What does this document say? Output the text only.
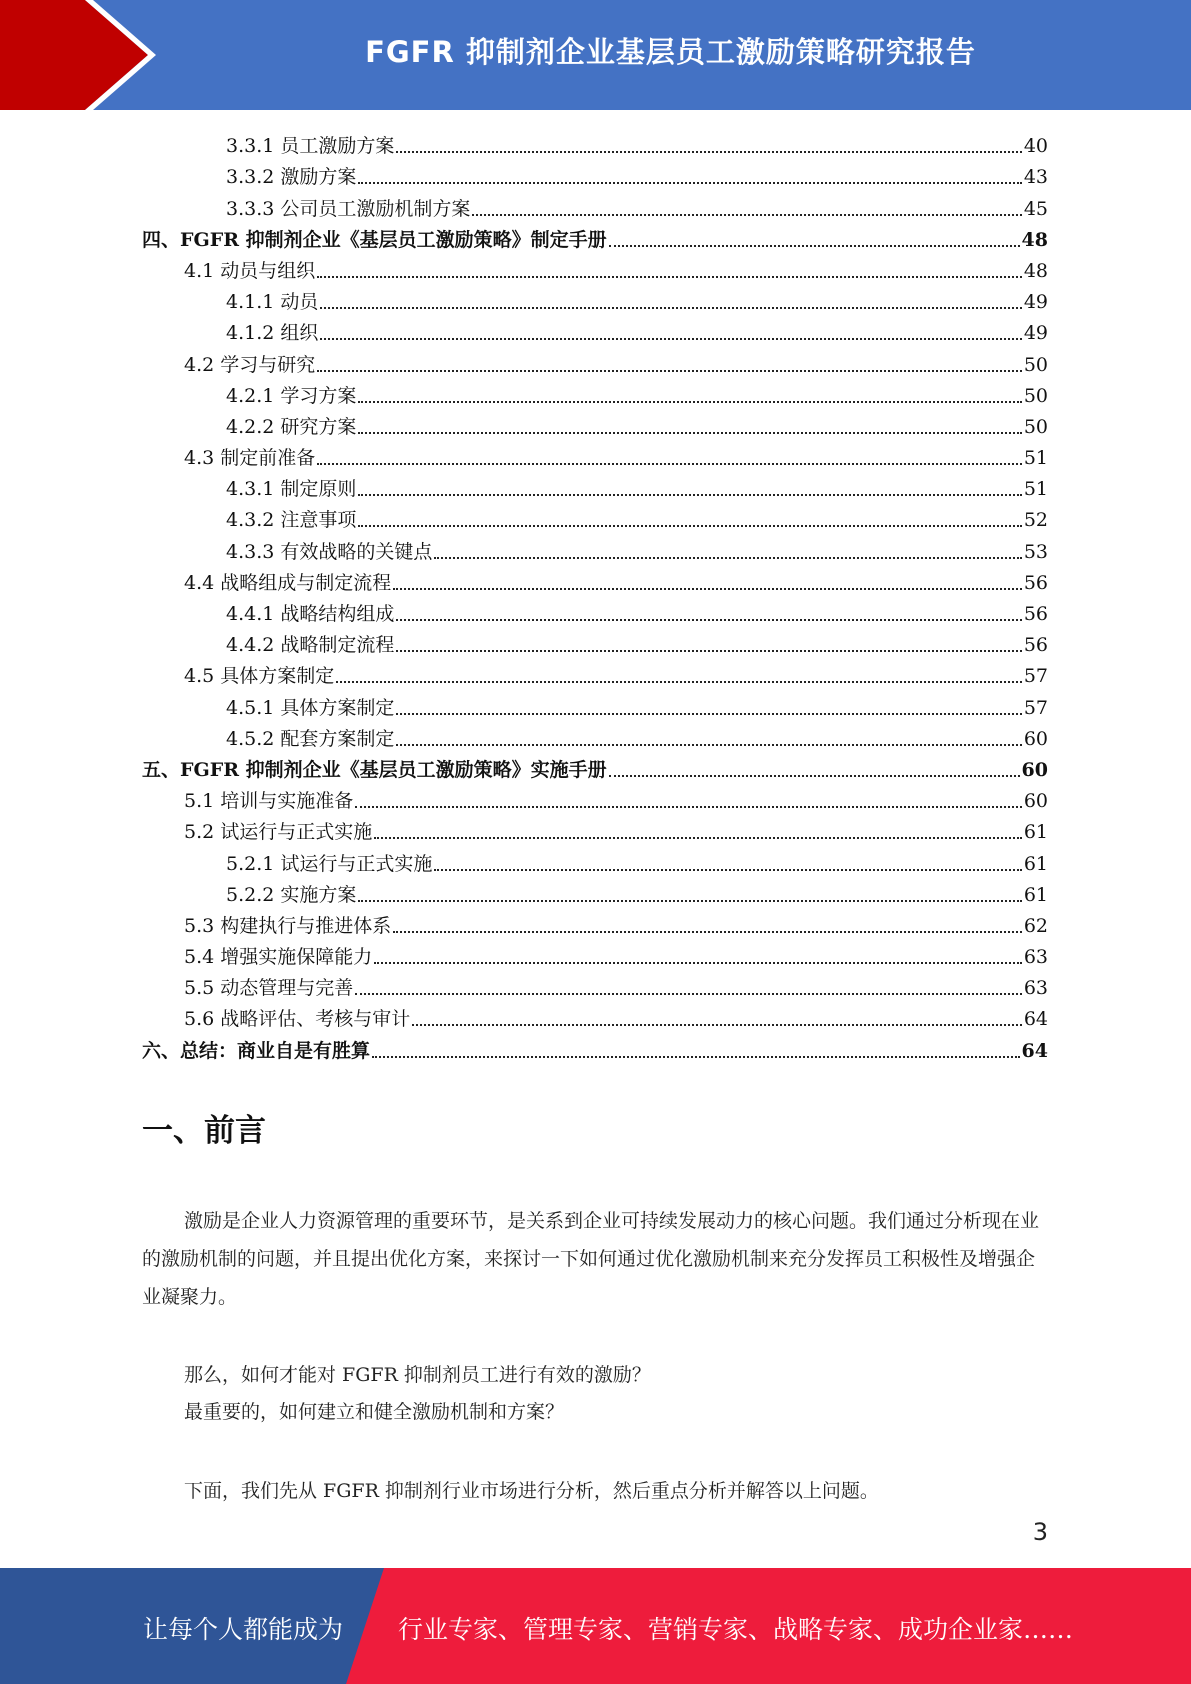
FGFR 抑制剂企业基层员工激励策略研究报告
3.3.1 员工激励方案	40
3.3.2 激励方案	43
3.3.3 公司员工激励机制方案	45
四、FGFR 抑制剂企业《基层员工激励策略》制定手册	48
4.1 动员与组织	48
4.1.1 动员	49
4.1.2 组织	49
4.2 学习与研究	50
4.2.1 学习方案	50
4.2.2 研究方案	50
4.3 制定前准备	51
4.3.1 制定原则	51
4.3.2 注意事项	52
4.3.3 有效战略的关键点	53
4.4 战略组成与制定流程	56
4.4.1 战略结构组成	56
4.4.2 战略制定流程	56
4.5 具体方案制定	57
4.5.1 具体方案制定	57
4.5.2 配套方案制定	60
五、FGFR 抑制剂企业《基层员工激励策略》实施手册	60
5.1 培训与实施准备	60
5.2 试运行与正式实施	61
5.2.1 试运行与正式实施	61
5.2.2 实施方案	61
5.3 构建执行与推进体系	62
5.4 增强实施保障能力	63
5.5 动态管理与完善	63
5.6 战略评估、考核与审计	64
六、总结：商业自是有胜算	64
一、前言
激励是企业人力资源管理的重要环节，是关系到企业可持续发展动力的核心问题。我们通过分析现在业的激励机制的问题，并且提出优化方案，来探讨一下如何通过优化激励机制来充分发挥员工积极性及增强企业凝聚力。
那么，如何才能对 FGFR 抑制剂员工进行有效的激励？
最重要的，如何建立和健全激励机制和方案？
下面，我们先从 FGFR 抑制剂行业市场进行分析，然后重点分析并解答以上问题。
3
让每个人都能成为 行业专家、管理专家、营销专家、战略专家、成功企业家……
